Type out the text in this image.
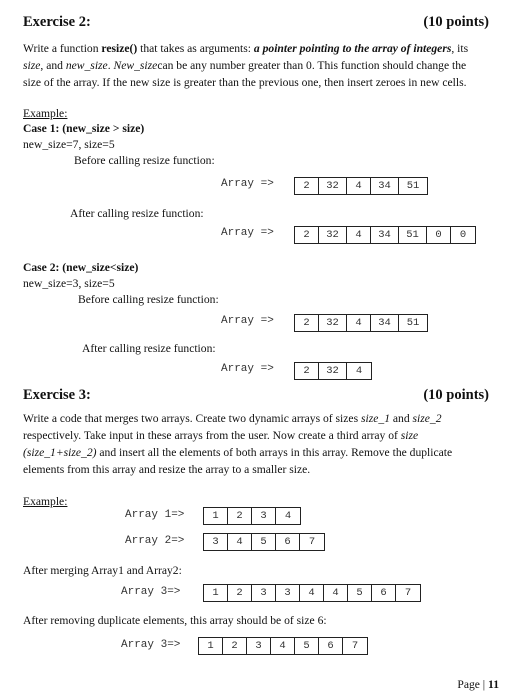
Exercise 2:	(10 points)
Write a function resize() that takes as arguments: a pointer pointing to the array of integers, its
size, and new_size. New_sizecan be any number greater than 0. This function should change the
size of the array. If the new size is greater than the previous one, then insert zeroes in new cells.
Example:
Case 1: (new_size > size)
new_size=7, size=5
Before calling resize function:
Array =>	2	32	4	34	51
After calling resize function:
Array =>	2	32	4	34	51	0	0
Case 2: (new_size<size)
new_size=3, size=5
Before calling resize function:
Array =>	2	32	4	34	51
After calling resize function:
Array =>	2	32	4
Exercise 3:	(10 points)
Write a code that merges two arrays. Create two dynamic arrays of sizes size_1 and size_2
respectively. Take input in these arrays from the user. Now create a third array of size
(size_1+size_2) and insert all the elements of both arrays in this array. Remove the duplicate
elements from this array and resize the array to a smaller size.
Example:
Array 1=>	1	2	3	4
Array 2=>	3	4	5	6	7
After merging Array1 and Array2:
Array 3=>	1	2	3	3	4	4	5	6	7
After removing duplicate elements, this array should be of size 6:
Array 3=>	1	2	3	4	5	6	7
Page | 11
